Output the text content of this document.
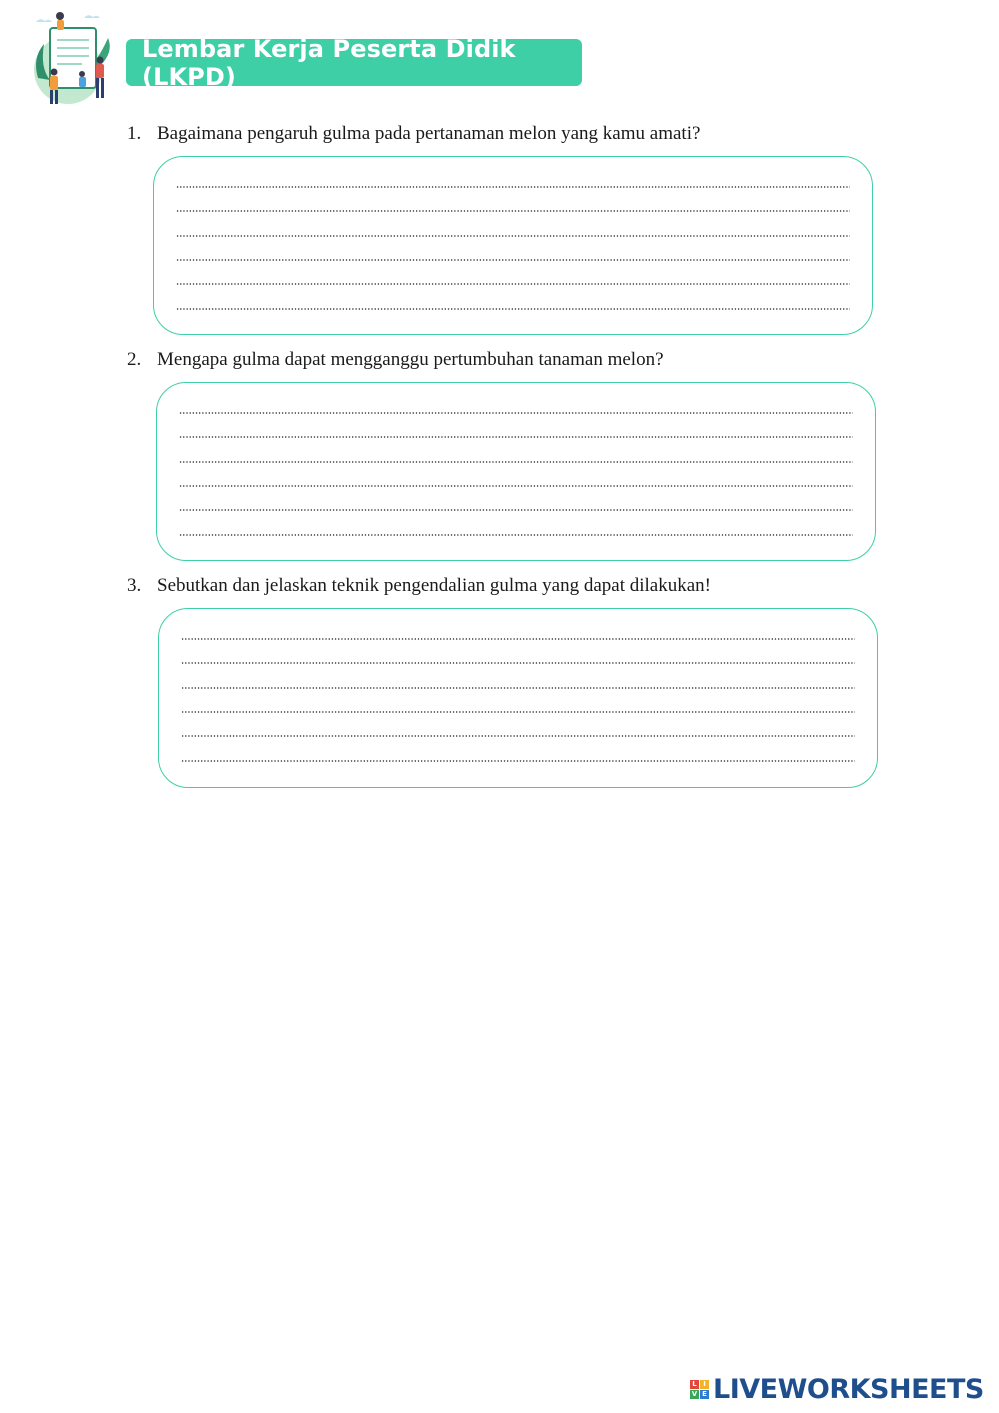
Lembar Kerja Peserta Didik (LKPD)
1. Bagaimana pengaruh gulma pada pertanaman melon yang kamu amati?
2. Mengapa gulma dapat mengganggu pertumbuhan tanaman melon?
3. Sebutkan dan jelaskan teknik pengendalian gulma yang dapat dilakukan!
L I
V E LIVEWORKSHEETS
